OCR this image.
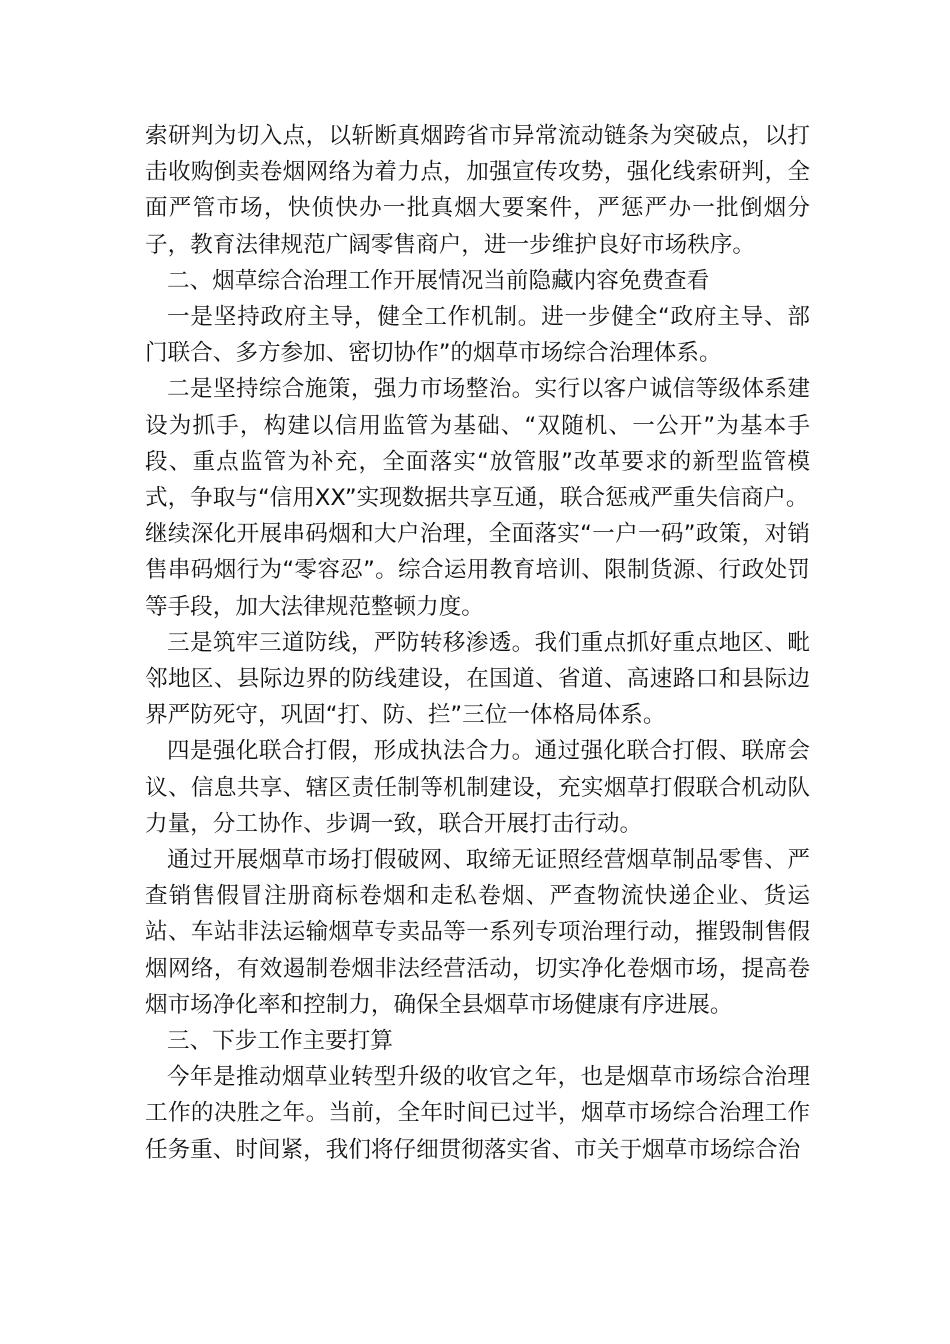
索研判为切入点，以斩断真烟跨省市异常流动链条为突破点，以打击收购倒卖卷烟网络为着力点，加强宣传攻势，强化线索研判，全面严管市场，快侦快办一批真烟大要案件，严惩严办一批倒烟分子，教育法律规范广阔零售商户，进一步维护良好市场秩序。

二、烟草综合治理工作开展情况当前隐藏内容免费查看

一是坚持政府主导，健全工作机制。进一步健全“政府主导、部门联合、多方参加、密切协作”的烟草市场综合治理体系。

二是坚持综合施策，强力市场整治。实行以客户诚信等级体系建设为抓手，构建以信用监管为基础、“双随机、一公开”为基本手段、重点监管为补充，全面落实“放管服”改革要求的新型监管模式，争取与“信用XX”实现数据共享互通，联合惩戒严重失信商户。

继续深化开展串码烟和大户治理，全面落实“一户一码”政策，对销售串码烟行为“零容忍”。综合运用教育培训、限制货源、行政处罚等手段，加大法律规范整顿力度。

三是筑牢三道防线，严防转移渗透。我们重点抓好重点地区、毗邻地区、县际边界的防线建设，在国道、省道、高速路口和县际边界严防死守，巩固“打、防、拦”三位一体格局体系。

四是强化联合打假，形成执法合力。通过强化联合打假、联席会议、信息共享、辖区责任制等机制建设，充实烟草打假联合机动队力量，分工协作、步调一致，联合开展打击行动。

通过开展烟草市场打假破网、取缔无证照经营烟草制品零售、严查销售假冒注册商标卷烟和走私卷烟、严查物流快递企业、货运站、车站非法运输烟草专卖品等一系列专项治理行动，摧毁制售假烟网络，有效遏制卷烟非法经营活动，切实净化卷烟市场，提高卷烟市场净化率和控制力，确保全县烟草市场健康有序进展。

三、下步工作主要打算

今年是推动烟草业转型升级的收官之年，也是烟草市场综合治理工作的决胜之年。当前，全年时间已过半，烟草市场综合治理工作任务重、时间紧，我们将仔细贯彻落实省、市关于烟草市场综合治
